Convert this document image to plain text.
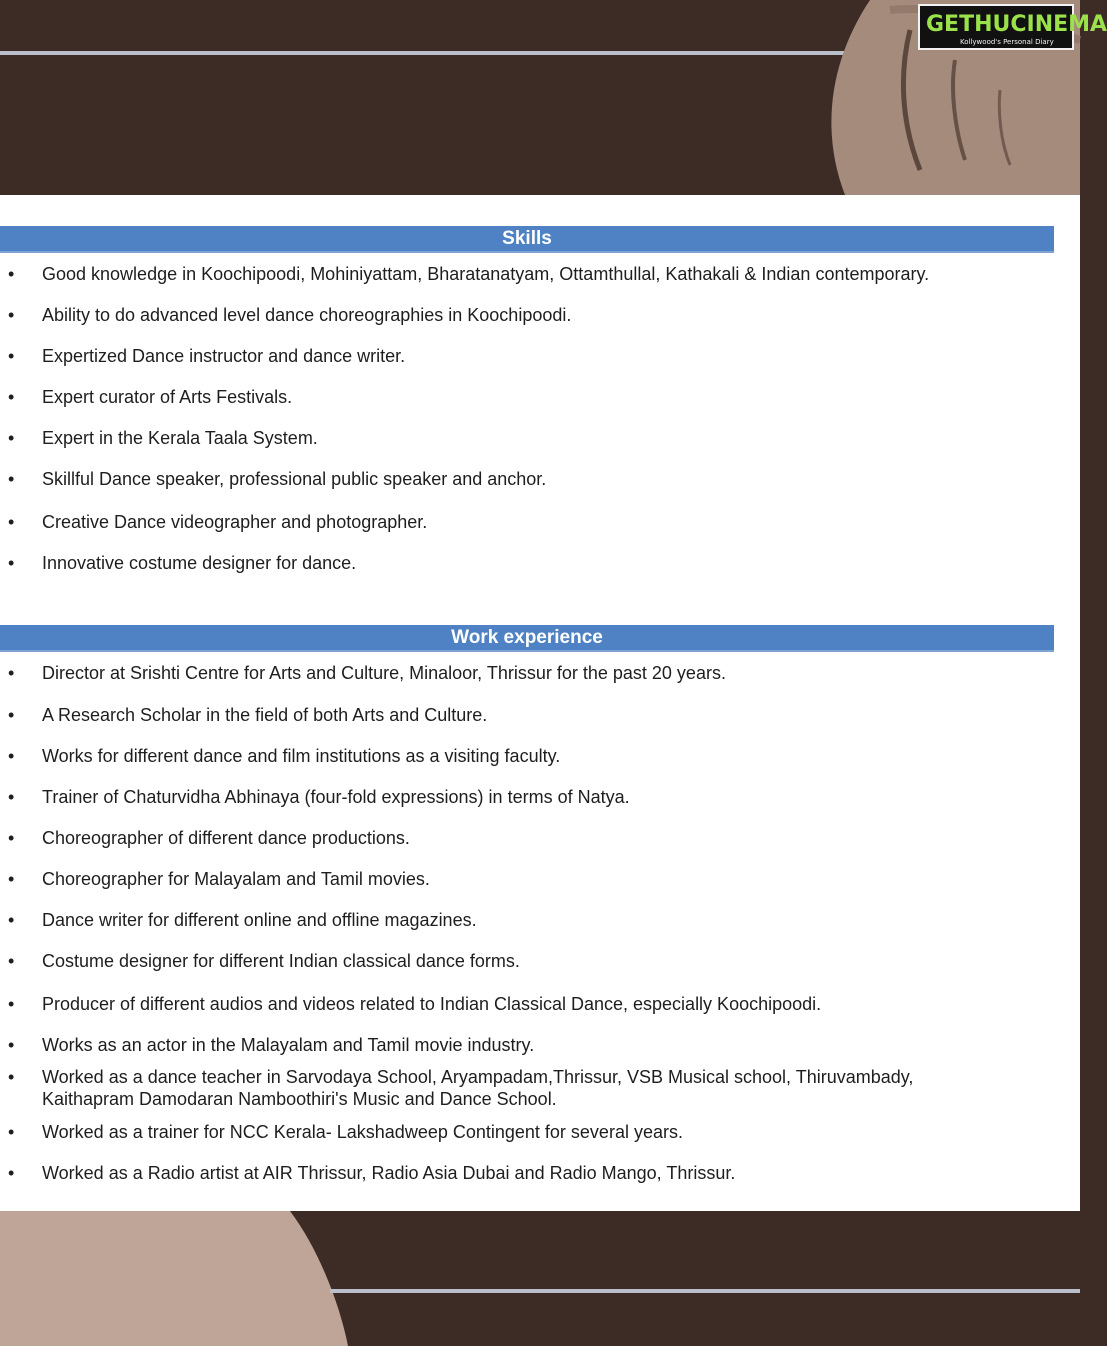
GETHUCINEMA
Kollywood's Personal Diary
Skills
• Good knowledge in Koochipoodi, Mohiniyattam, Bharatanatyam, Ottamthullal, Kathakali & Indian contemporary.
• Ability to do advanced level dance choreographies in Koochipoodi.
• Expertized Dance instructor and dance writer.
• Expert curator of Arts Festivals.
• Expert in the Kerala Taala System.
• Skillful Dance speaker, professional public speaker and anchor.
• Creative Dance videographer and photographer.
• Innovative costume designer for dance.
Work experience
• Director at Srishti Centre for Arts and Culture, Minaloor, Thrissur for the past 20 years.
• A Research Scholar in the field of both Arts and Culture.
• Works for different dance and film institutions as a visiting faculty.
• Trainer of Chaturvidha Abhinaya (four-fold expressions) in terms of Natya.
• Choreographer of different dance productions.
• Choreographer for Malayalam and Tamil movies.
• Dance writer for different online and offline magazines.
• Costume designer for different Indian classical dance forms.
• Producer of different audios and videos related to Indian Classical Dance, especially Koochipoodi.
• Works as an actor in the Malayalam and Tamil movie industry.
• Worked as a dance teacher in Sarvodaya School, Aryampadam,Thrissur, VSB Musical school, Thiruvambady, Kaithapram Damodaran Namboothiri's Music and Dance School.
• Worked as a trainer for NCC Kerala- Lakshadweep Contingent for several years.
• Worked as a Radio artist at AIR Thrissur, Radio Asia Dubai and Radio Mango, Thrissur.
